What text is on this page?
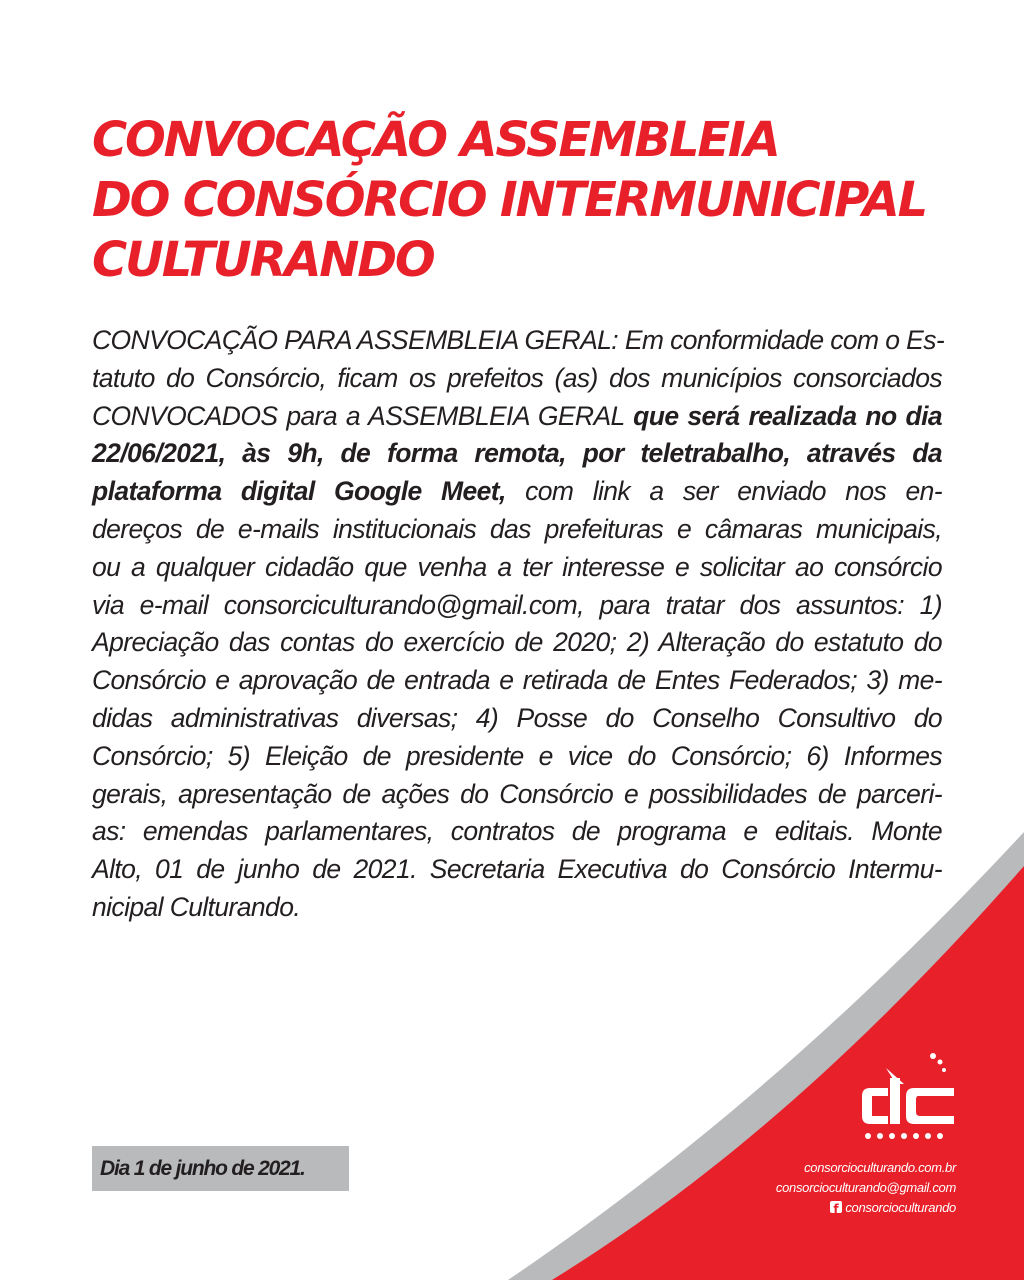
CONVOCAÇÃO ASSEMBLEIA
DO CONSÓRCIO INTERMUNICIPAL
CULTURANDO
CONVOCAÇÃO PARA ASSEMBLEIA GERAL: Em conformidade com o Es-
tatuto do Consórcio, ficam os prefeitos (as) dos municípios consorciados
CONVOCADOS para a ASSEMBLEIA GERAL que será realizada no dia
22/06/2021, às 9h, de forma remota, por teletrabalho, através da
plataforma digital Google Meet, com link a ser enviado nos en-
dereços de e-mails institucionais das prefeituras e câmaras municipais,
ou a qualquer cidadão que venha a ter interesse e solicitar ao consórcio
via e-mail consorciculturando@gmail.com, para tratar dos assuntos: 1)
Apreciação das contas do exercício de 2020; 2) Alteração do estatuto do
Consórcio e aprovação de entrada e retirada de Entes Federados; 3) me-
didas administrativas diversas; 4) Posse do Conselho Consultivo do
Consórcio; 5) Eleição de presidente e vice do Consórcio; 6) Informes
gerais, apresentação de ações do Consórcio e possibilidades de parceri-
as: emendas parlamentares, contratos de programa e editais. Monte
Alto, 01 de junho de 2021. Secretaria Executiva do Consórcio Intermu-
nicipal Culturando.
Dia 1 de junho de 2021.	consorcioculturando.com.br
consorcioculturando@gmail.com
fconsorcioculturando
